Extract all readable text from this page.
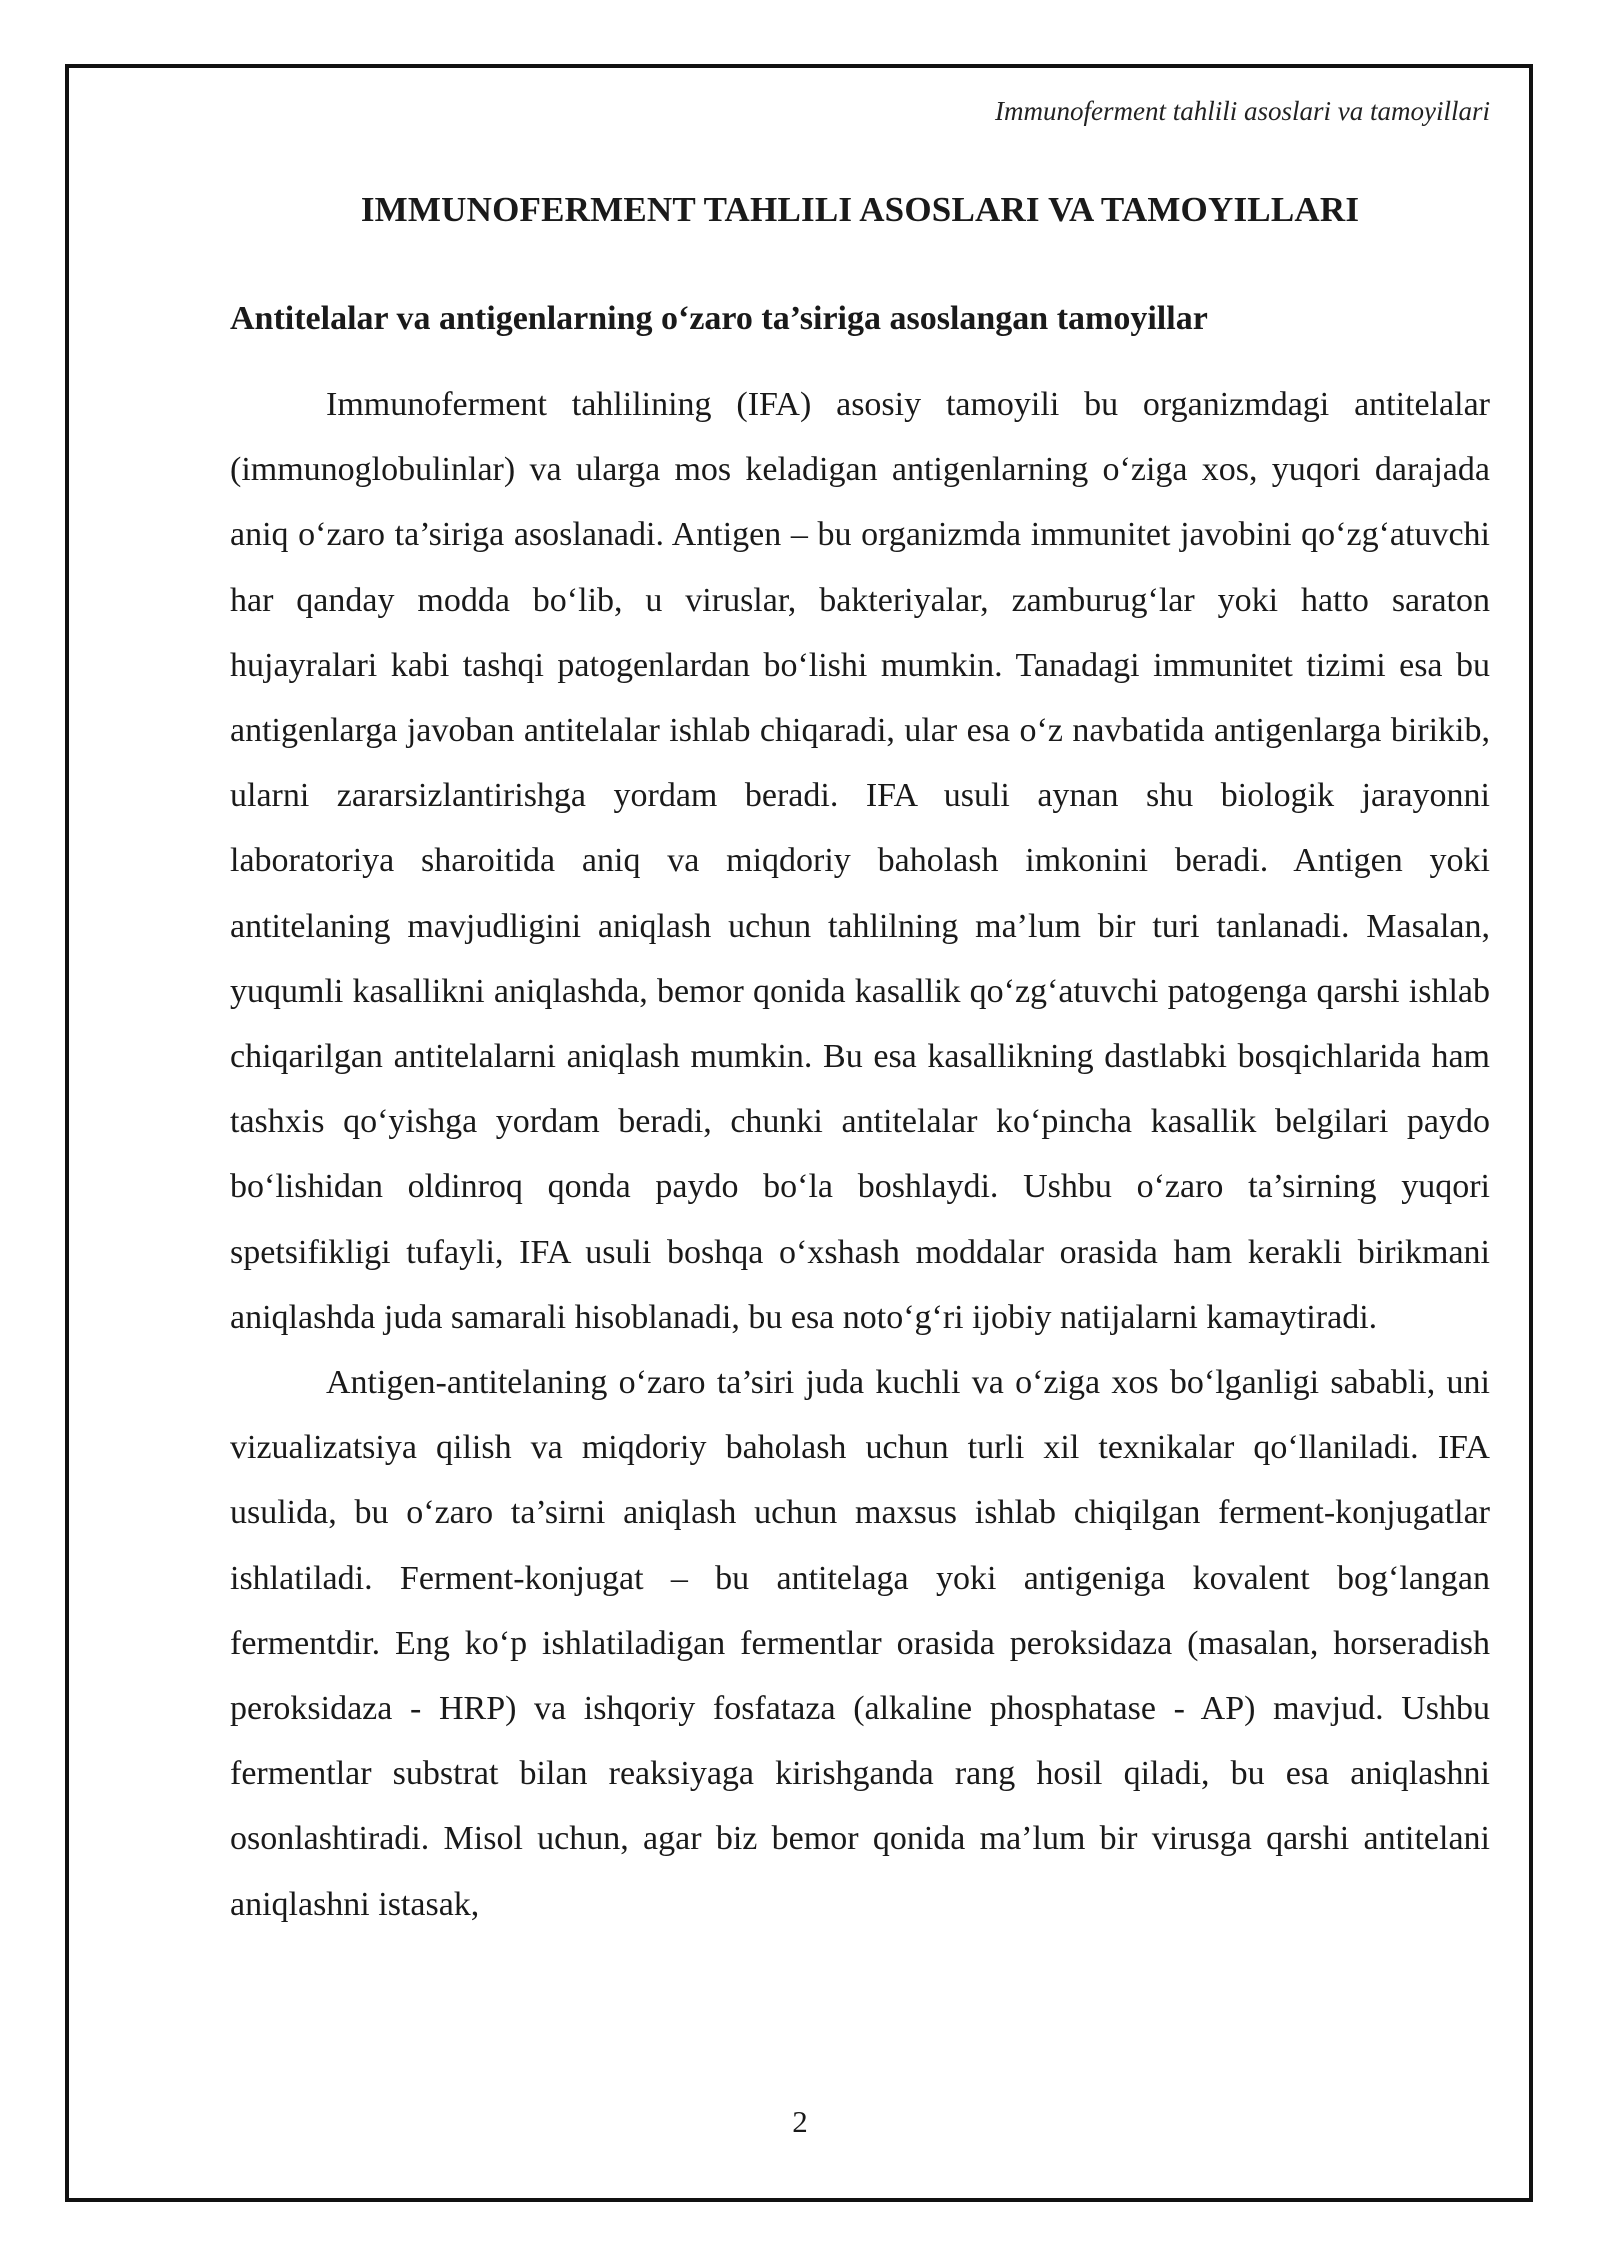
Immunoferment tahlili asoslari va tamoyillari
IMMUNOFERMENT TAHLILI ASOSLARI VA TAMOYILLARI
Antitelalar va antigenlarning o‘zaro ta’siriga asoslangan tamoyillar

Immunoferment tahlilining (IFA) asosiy tamoyili bu organizmdagi antitelalar (immunoglobulinlar) va ularga mos keladigan antigenlarning o‘ziga xos, yuqori darajada aniq o‘zaro ta’siriga asoslanadi. Antigen – bu organizmda immunitet javobini qo‘zg‘atuvchi har qanday modda bo‘lib, u viruslar, bakteriyalar, zamburug‘lar yoki hatto saraton hujayralari kabi tashqi patogenlardan bo‘lishi mumkin. Tanadagi immunitet tizimi esa bu antigenlarga javoban antitelalar ishlab chiqaradi, ular esa o‘z navbatida antigenlarga birikib, ularni zararsizlantirishga yordam beradi. IFA usuli aynan shu biologik jarayonni laboratoriya sharoitida aniq va miqdoriy baholash imkonini beradi. Antigen yoki antitelaning mavjudligini aniqlash uchun tahlilning ma’lum bir turi tanlanadi. Masalan, yuqumli kasallikni aniqlashda, bemor qonida kasallik qo‘zg‘atuvchi patogenga qarshi ishlab chiqarilgan antitelalarni aniqlash mumkin. Bu esa kasallikning dastlabki bosqichlarida ham tashxis qo‘yishga yordam beradi, chunki antitelalar ko‘pincha kasallik belgilari paydo bo‘lishidan oldinroq qonda paydo bo‘la boshlaydi. Ushbu o‘zaro ta’sirning yuqori spetsifikligi tufayli, IFA usuli boshqa o‘xshash moddalar orasida ham kerakli birikmani aniqlashda juda samarali hisoblanadi, bu esa noto‘g‘ri ijobiy natijalarni kamaytiradi.

Antigen-antitelaning o‘zaro ta’siri juda kuchli va o‘ziga xos bo‘lganligi sababli, uni vizualizatsiya qilish va miqdoriy baholash uchun turli xil texnikalar qo‘llaniladi. IFA usulida, bu o‘zaro ta’sirni aniqlash uchun maxsus ishlab chiqilgan ferment-konjugatlar ishlatiladi. Ferment-konjugat – bu antitelaga yoki antigeniga kovalent bog‘langan fermentdir. Eng ko‘p ishlatiladigan fermentlar orasida peroksidaza (masalan, horseradish peroksidaza - HRP) va ishqoriy fosfataza (alkaline phosphatase - AP) mavjud. Ushbu fermentlar substrat bilan reaksiyaga kirishganda rang hosil qiladi, bu esa aniqlashni osonlashtiradi. Misol uchun, agar biz bemor qonida ma’lum bir virusga qarshi antitelani aniqlashni istasak,

2
